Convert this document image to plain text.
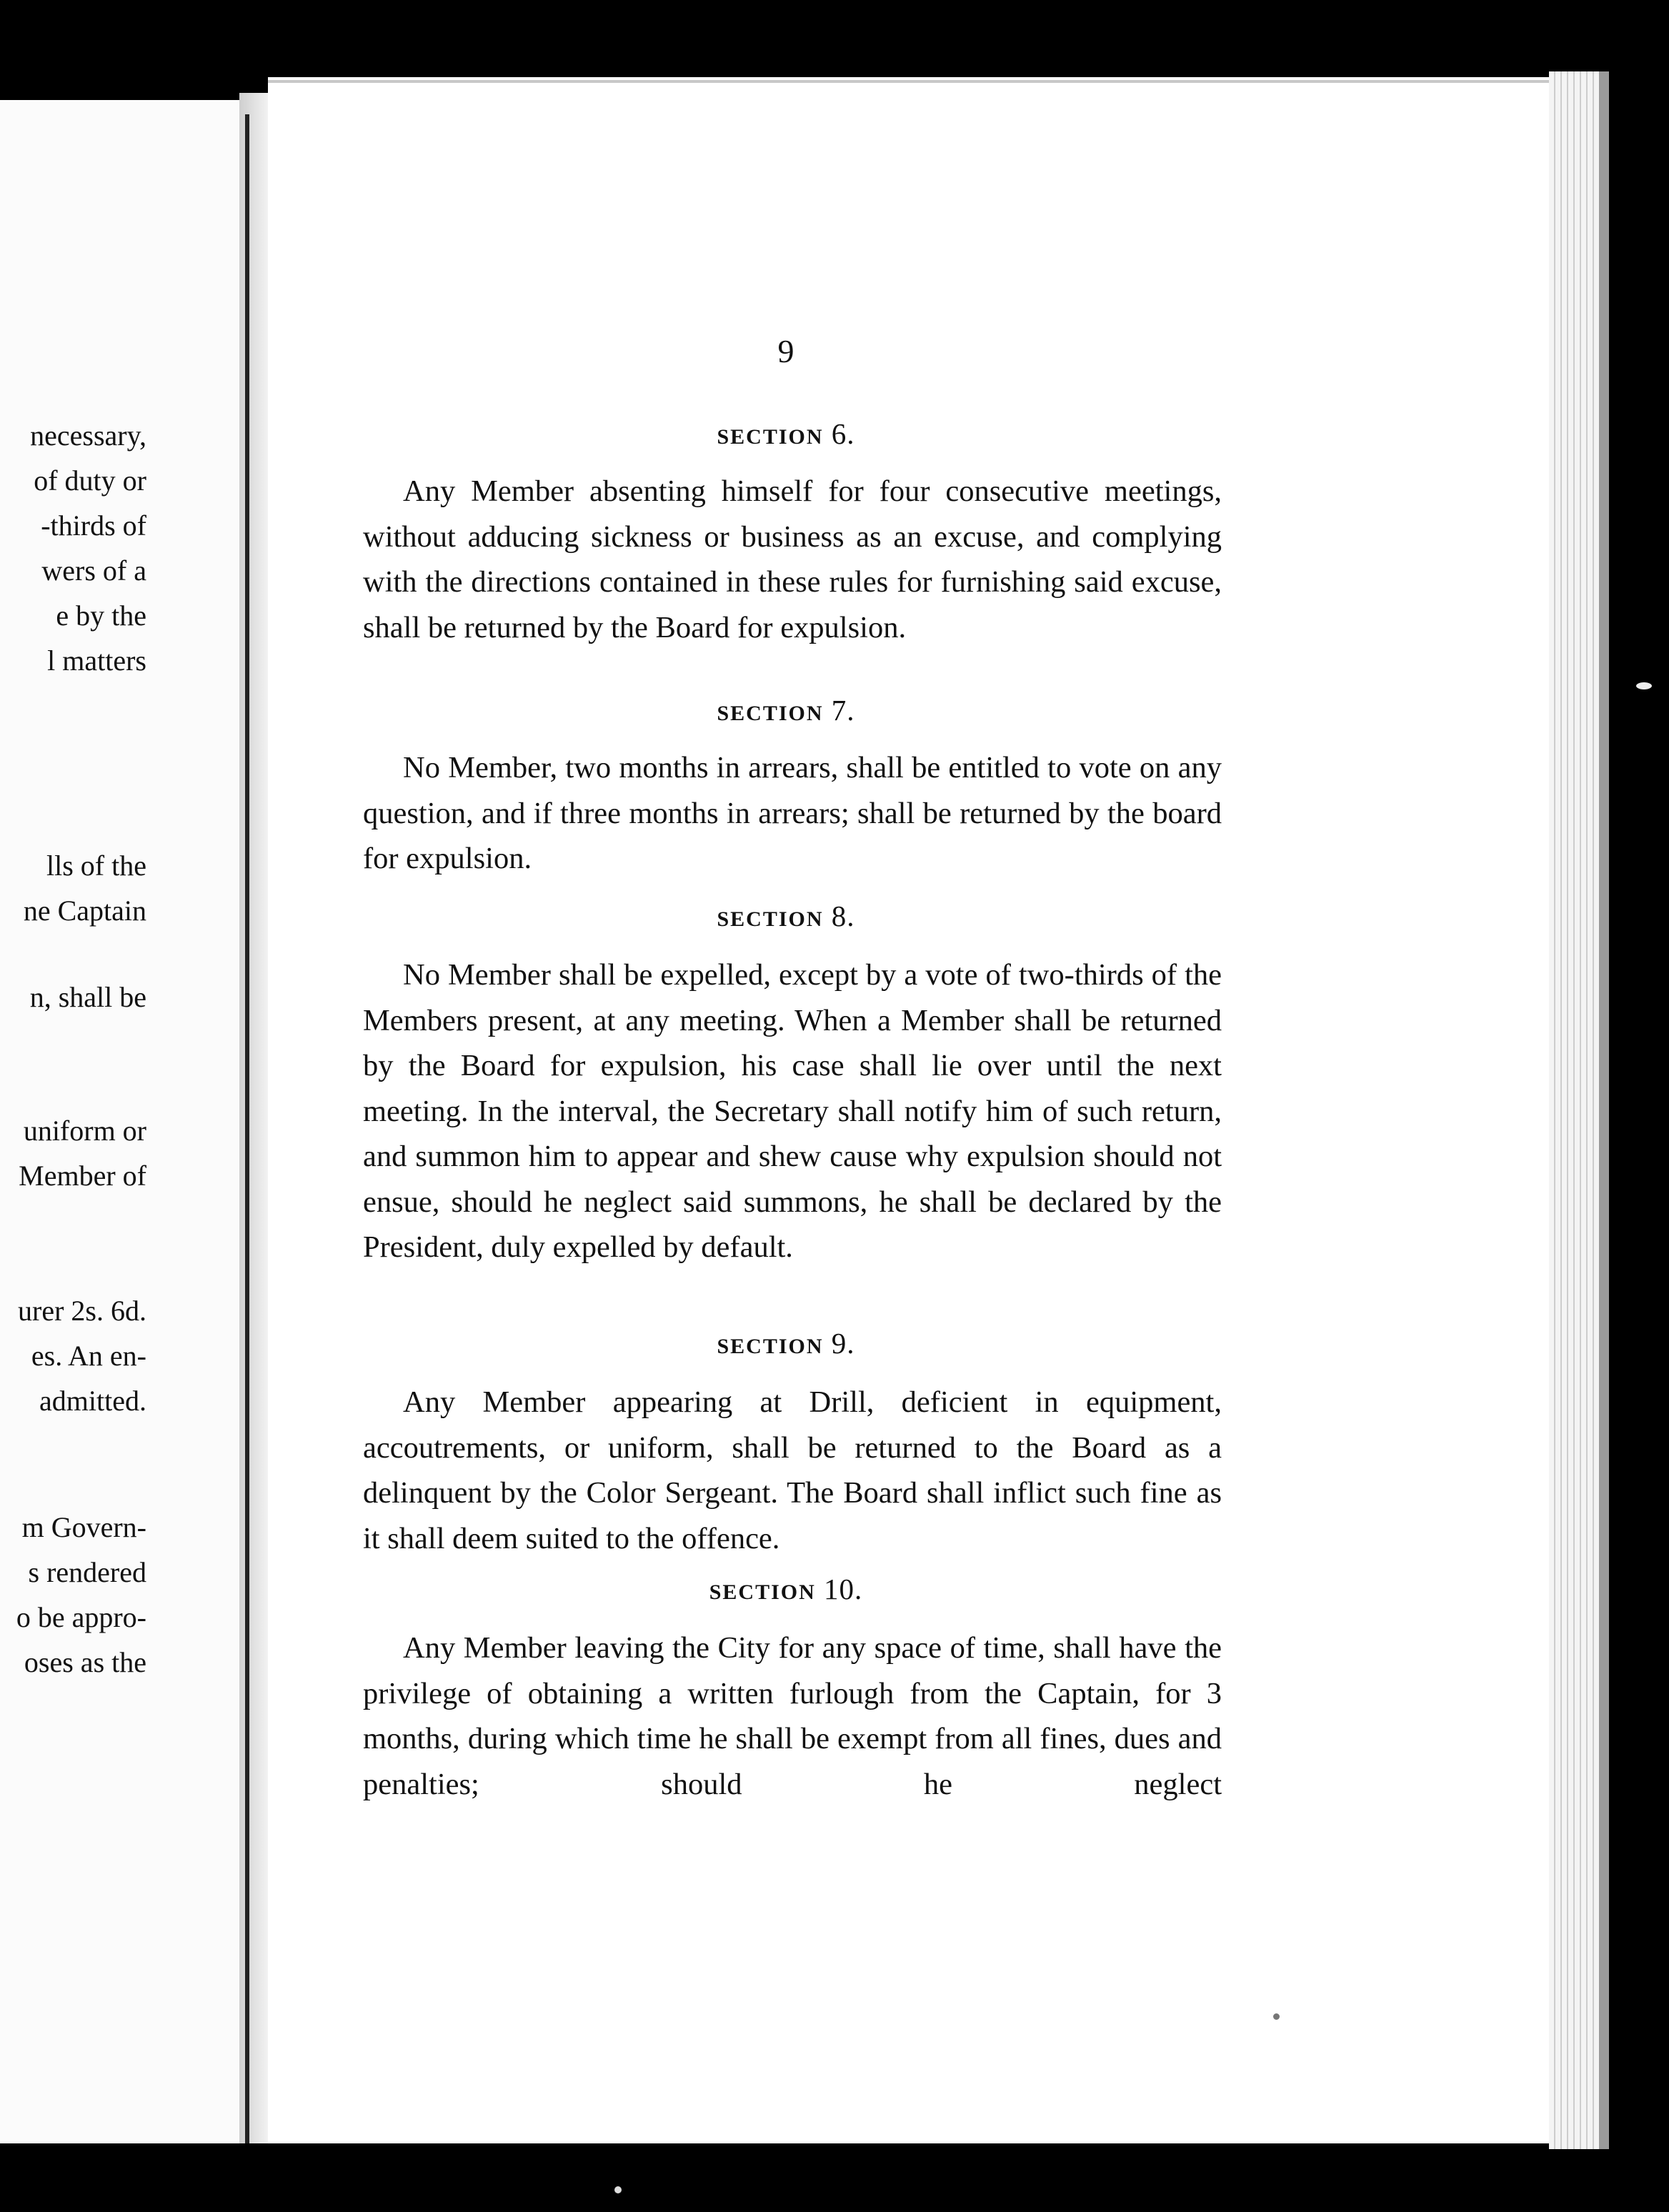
necessary,

of duty or

-thirds of

wers of a

e by the

l matters

lls of the

ne Captain

n, shall be

uniform or

Member of

urer 2s. 6d.

es. An en-

admitted.

m Govern-

s rendered

o be appro-

oses as the

9

SECTION 6.

Any Member absenting himself for four consecutive meetings, without adducing sickness or business as an excuse, and complying with the directions contained in these rules for furnishing said excuse, shall be returned by the Board for expulsion.

SECTION 7.

No Member, two months in arrears, shall be entitled to vote on any question, and if three months in arrears; shall be returned by the board for expulsion.

SECTION 8.

No Member shall be expelled, except by a vote of two-thirds of the Members present, at any meeting. When a Member shall be returned by the Board for expulsion, his case shall lie over until the next meeting. In the interval, the Secretary shall notify him of such return, and summon him to appear and shew cause why expulsion should not ensue, should he neglect said summons, he shall be declared by the President, duly expelled by default.

SECTION 9.

Any Member appearing at Drill, deficient in equipment, accoutrements, or uniform, shall be returned to the Board as a delinquent by the Color Sergeant. The Board shall inflict such fine as it shall deem suited to the offence.

SECTION 10.

Any Member leaving the City for any space of time, shall have the privilege of obtaining a written furlough from the Captain, for 3 months, during which time he shall be exempt from all fines, dues and penalties; should he neglect
